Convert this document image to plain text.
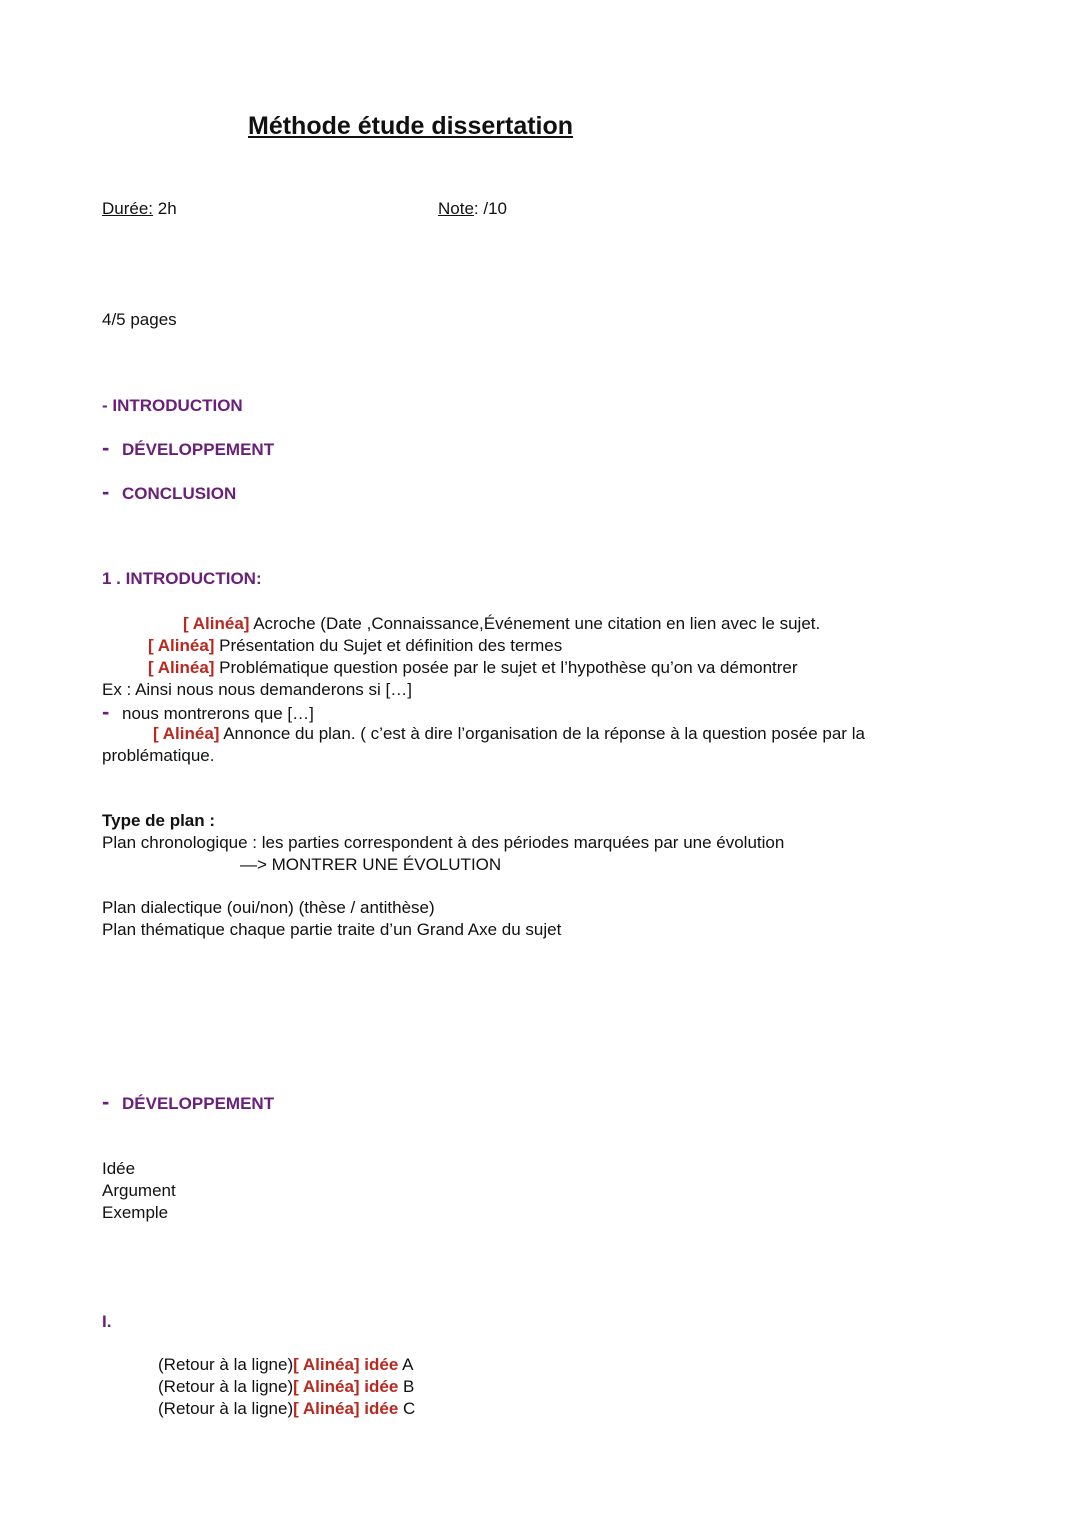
Méthode étude dissertation
Durée: 2h	Note: /10
4/5 pages
- INTRODUCTION
- DÉVELOPPEMENT
- CONCLUSION
1 . INTRODUCTION:
[ Alinéa] Acroche (Date ,Connaissance,Événement une citation en lien avec le sujet.
[ Alinéa] Présentation du Sujet et définition des termes
[ Alinéa] Problématique question posée par le sujet et l’hypothèse qu’on va démontrer
Ex : Ainsi nous nous demanderons si […]
- nous montrerons que […]
[ Alinéa] Annonce du plan. ( c’est à dire l’organisation de la réponse à la question posée par la
problématique.
Type de plan :
Plan chronologique : les parties correspondent à des périodes marquées par une évolution
—> MONTRER UNE ÉVOLUTION
Plan dialectique (oui/non) (thèse / antithèse)
Plan thématique chaque partie traite d’un Grand Axe du sujet
- DÉVELOPPEMENT
Idée
Argument
Exemple
I.
(Retour à la ligne)[ Alinéa] idée A
(Retour à la ligne)[ Alinéa] idée B
(Retour à la ligne)[ Alinéa] idée C
